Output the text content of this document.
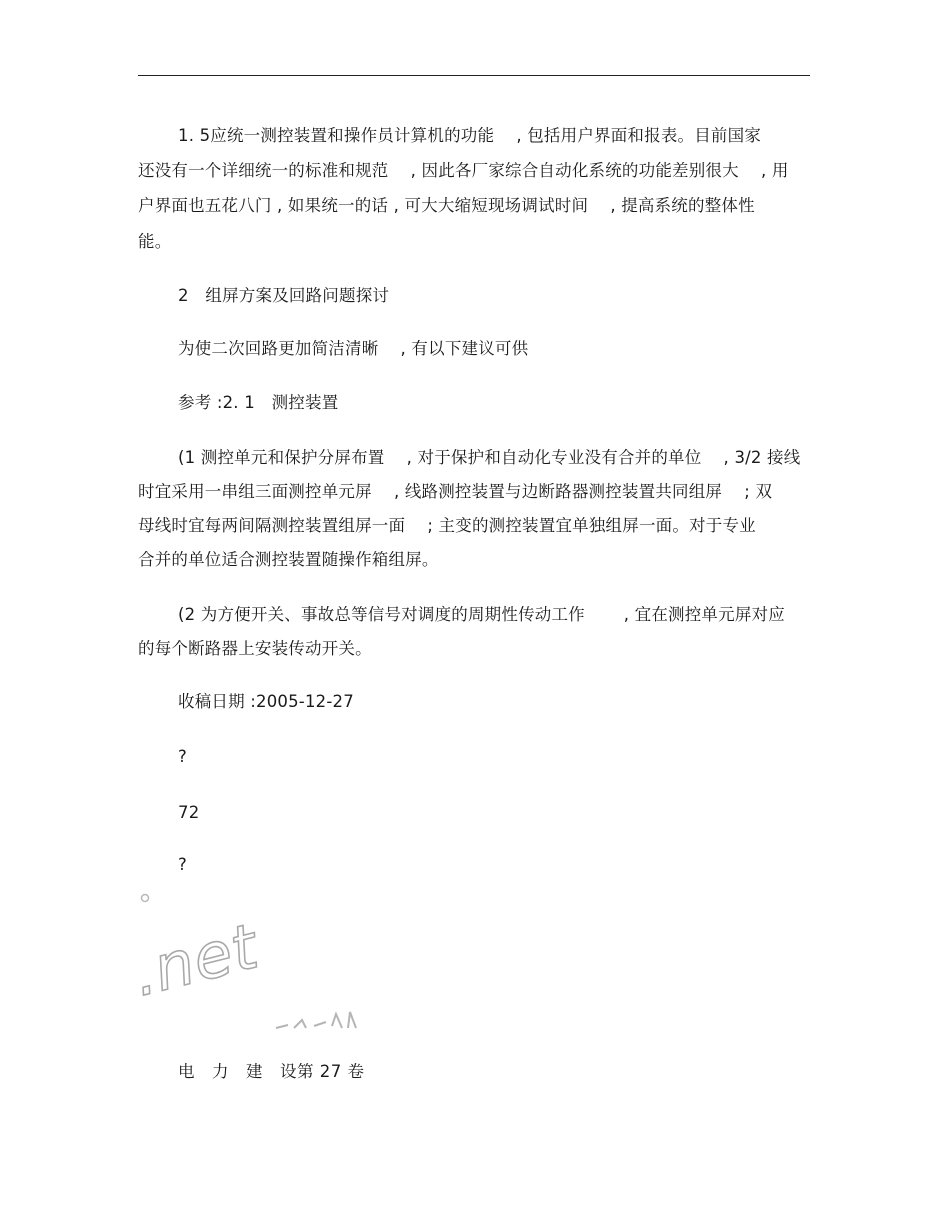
1. 5应统一测控装置和操作员计算机的功能　 , 包括用户界面和报表。目前国家
还没有一个详细统一的标准和规范　 , 因此各厂家综合自动化系统的功能差别很大　 , 用
户界面也五花八门 , 如果统一的话 , 可大大缩短现场调试时间　 , 提高系统的整体性
能。
2　组屏方案及回路问题探讨
为使二次回路更加简洁清晰　 , 有以下建议可供
参考 :2. 1　测控装置
(1 测控单元和保护分屏布置　 , 对于保护和自动化专业没有合并的单位　 , 3/2 接线
时宜采用一串组三面测控单元屏　 , 线路测控装置与边断路器测控装置共同组屏　 ; 双
母线时宜每两间隔测控装置组屏一面　 ; 主变的测控装置宜单独组屏一面。对于专业
合并的单位适合测控装置随操作箱组屏。
(2 为方便开关、事故总等信号对调度的周期性传动工作　　 , 宜在测控单元屏对应
的每个断路器上安装传动开关。
收稿日期 :2005-12-27
?
72
?
电　力　建　设第 27 卷
.net
